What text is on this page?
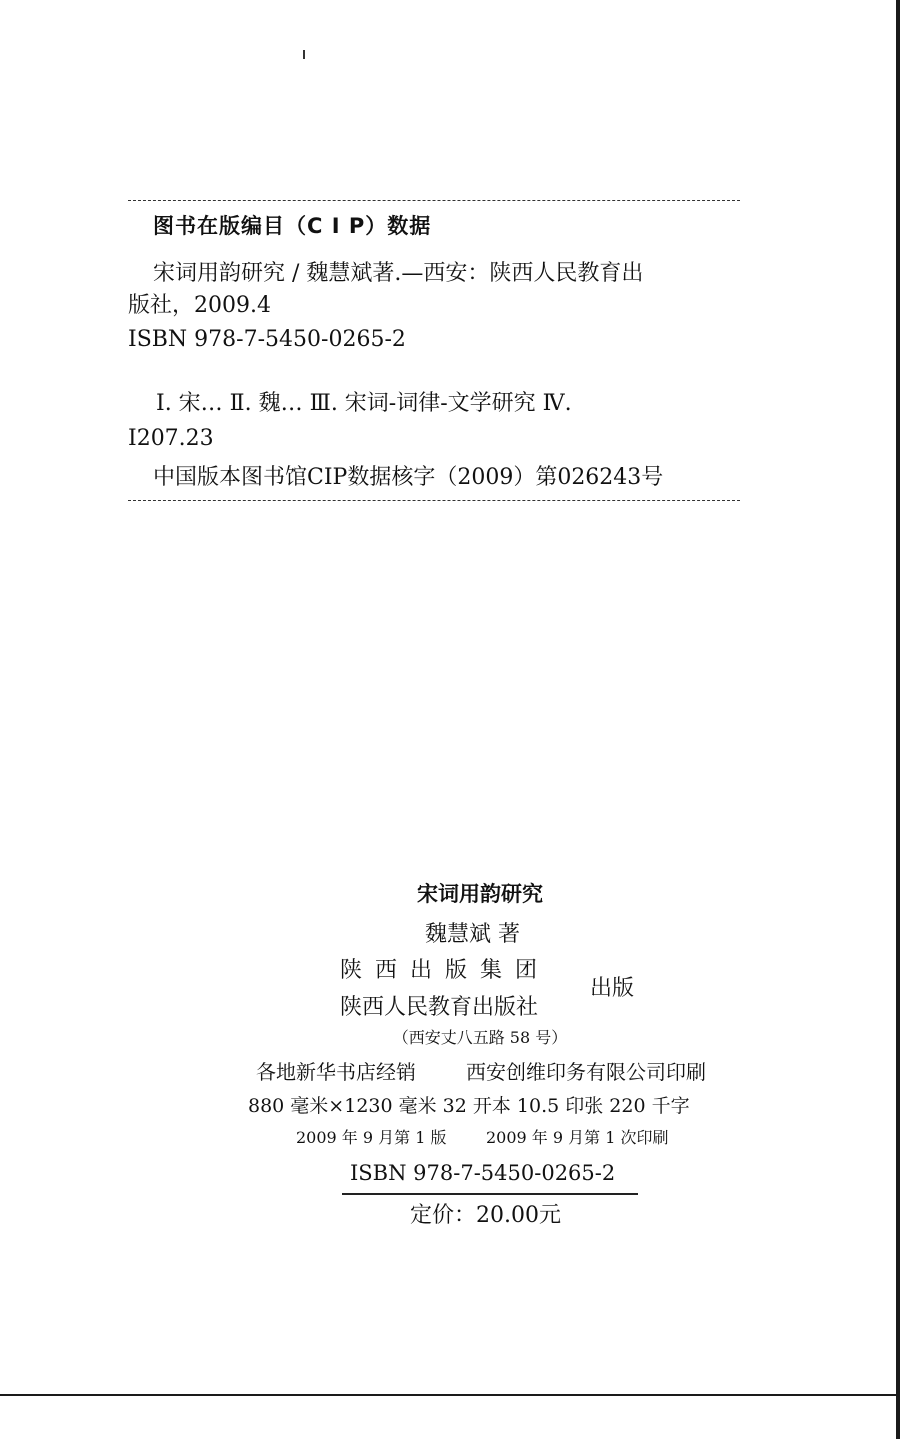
图书在版编目（C I P）数据
宋词用韵研究 / 魏慧斌著.—西安：陕西人民教育出
版社，2009.4
ISBN 978-7-5450-0265-2
Ⅰ. 宋… Ⅱ. 魏… Ⅲ. 宋词-词律-文学研究 Ⅳ.
I207.23
中国版本图书馆CIP数据核字（2009）第026243号
宋词用韵研究
魏慧斌 著
陕西出版集团
陕西人民教育出版社
出版
（西安丈八五路 58 号）
各地新华书店经销	西安创维印务有限公司印刷
880 毫米×1230 毫米 32 开本 10.5 印张 220 千字
2009 年 9 月第 1 版 2009 年 9 月第 1 次印刷
ISBN 978-7-5450-0265-2
定价：20.00元
